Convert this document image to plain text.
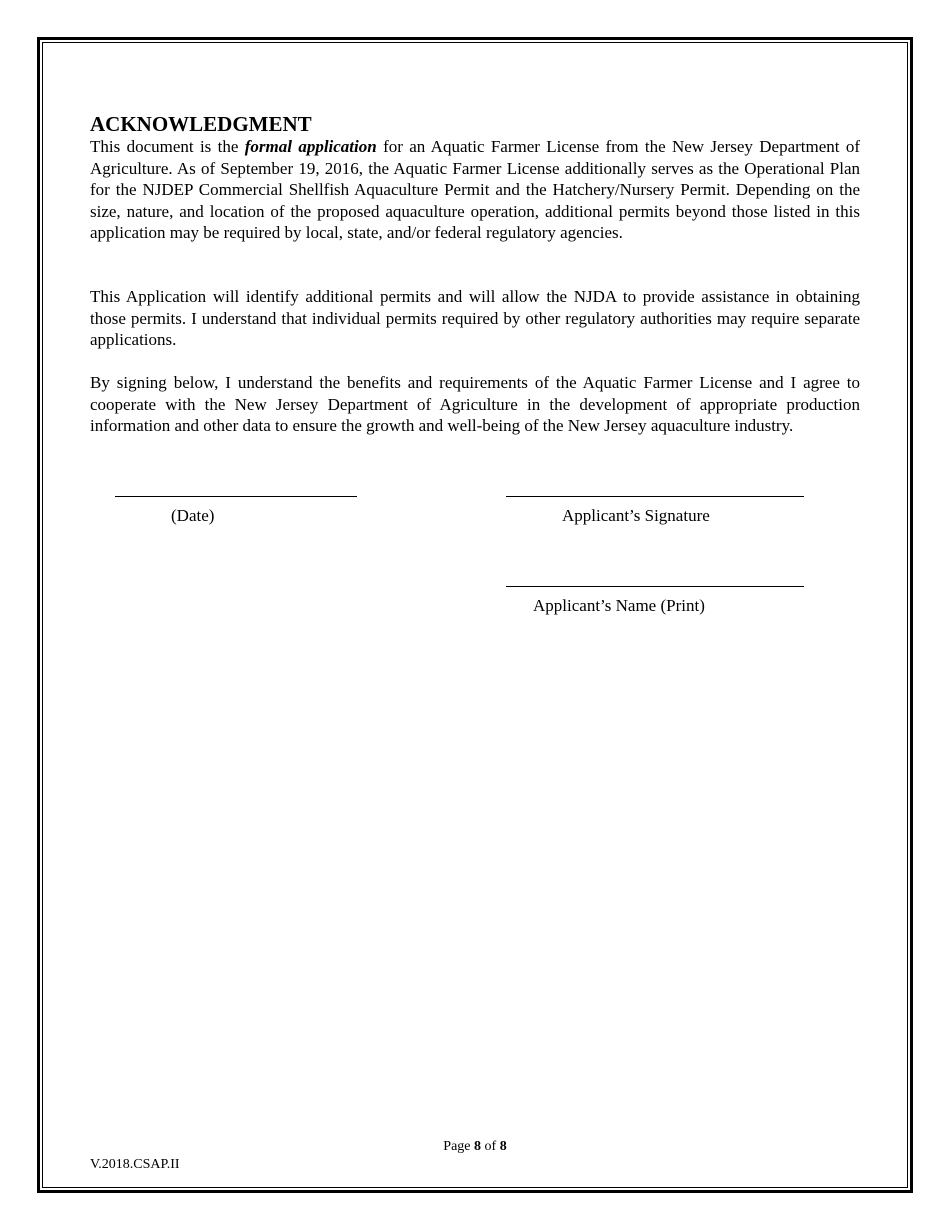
ACKNOWLEDGMENT

This document is the formal application for an Aquatic Farmer License from the New Jersey Department of Agriculture. As of September 19, 2016, the Aquatic Farmer License additionally serves as the Operational Plan for the NJDEP Commercial Shellfish Aquaculture Permit and the Hatchery/Nursery Permit. Depending on the size, nature, and location of the proposed aquaculture operation, additional permits beyond those listed in this application may be required by local, state, and/or federal regulatory agencies.

This Application will identify additional permits and will allow the NJDA to provide assistance in obtaining those permits. I understand that individual permits required by other regulatory authorities may require separate applications.

By signing below, I understand the benefits and requirements of the Aquatic Farmer License and I agree to cooperate with the New Jersey Department of Agriculture in the development of appropriate production information and other data to ensure the growth and well-being of the New Jersey aquaculture industry.

(Date)	Applicant’s Signature
Applicant’s Name (Print)
Page 8 of 8
V.2018.CSAP.II
